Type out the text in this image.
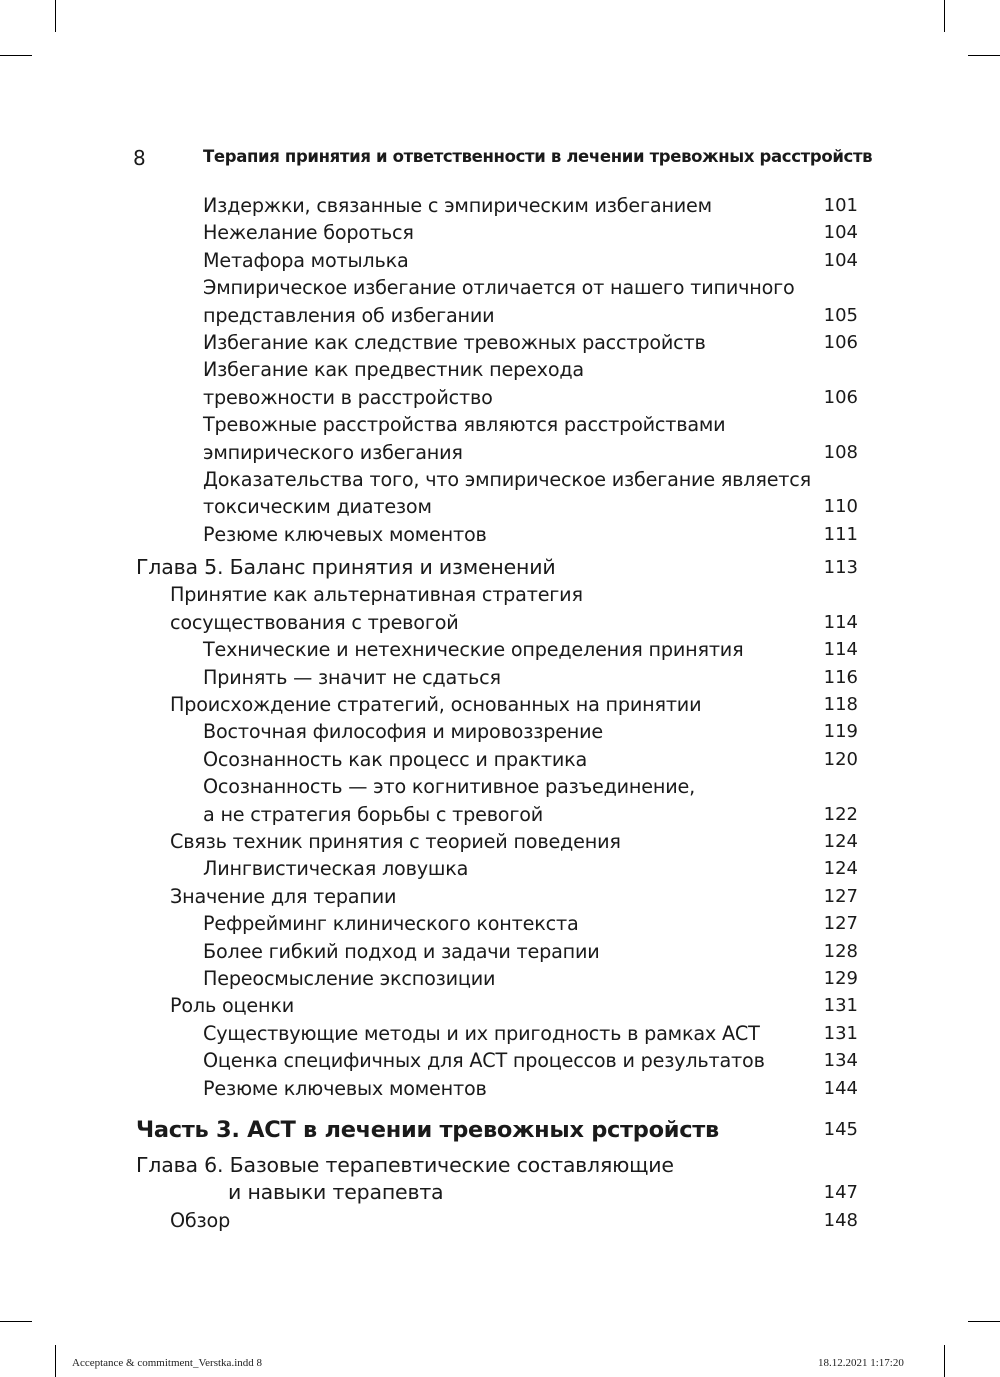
8	Терапия принятия и ответственности в лечении тревожных расстройств
Издержки, связанные с эмпирическим избеганием	101
Нежелание бороться	104
Метафора мотылька	104
Эмпирическое избегание отличается от нашего типичного
представления об избегании	105
Избегание как следствие тревожных расстройств	106
Избегание как предвестник перехода
тревожности в расстройство	106
Тревожные расстройства являются расстройствами
эмпирического избегания	108
Доказательства того, что эмпирическое избегание является
токсическим диатезом	110
Резюме ключевых моментов	111
Глава 5. Баланс принятия и изменений	113
Принятие как альтернативная стратегия
сосуществования с тревогой	114
Технические и нетехнические определения принятия	114
Принять — значит не сдаться	116
Происхождение стратегий, основанных на принятии	118
Восточная философия и мировоззрение	119
Осознанность как процесс и практика	120
Осознанность — это когнитивное разъединение,
а не стратегия борьбы с тревогой	122
Связь техник принятия с теорией поведения	124
Лингвистическая ловушка	124
Значение для терапии	127
Рефрейминг клинического контекста	127
Более гибкий подход и задачи терапии	128
Переосмысление экспозиции	129
Роль оценки	131
Существующие методы и их пригодность в рамках АСТ	131
Оценка специфичных для АСТ процессов и результатов	134
Резюме ключевых моментов	144
Часть 3. АСТ в лечении тревожных рстройств	145
Глава 6. Базовые терапевтические составляющие
и навыки терапевта	147
Обзор	148
Acceptance & commitment_Verstka.indd 8	18.12.2021 1:17:20
